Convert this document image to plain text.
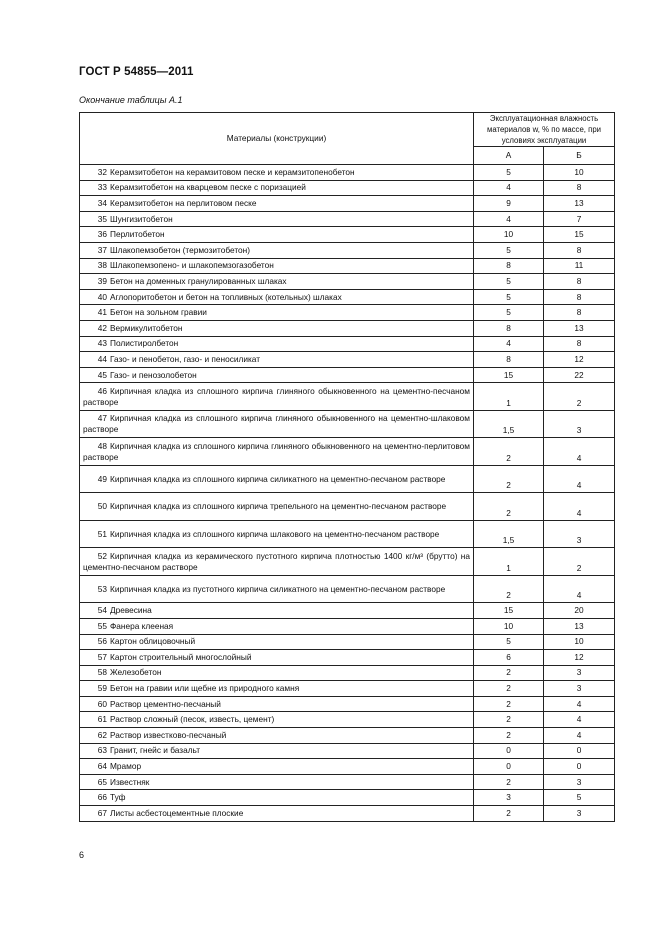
ГОСТ Р 54855—2011
Окончание таблицы А.1
Материалы (конструкции)	Эксплуатационная влажность материалов w, % по массе, при условиях эксплуатации	
	А	Б
32 Керамзитобетон на керамзитовом песке и керамзитопенобетон	5	10
33 Керамзитобетон на кварцевом песке с поризацией	4	8
34 Керамзитобетон на перлитовом песке	9	13
35 Шунгизитобетон	4	7
36 Перлитобетон	10	15
37 Шлакопемзобетон (термозитобетон)	5	8
38 Шлакопемзопено- и шлакопемзогазобетон	8	11
39 Бетон на доменных гранулированных шлаках	5	8
40 Аглопоритобетон и бетон на топливных (котельных) шлаках	5	8
41 Бетон на зольном гравии	5	8
42 Вермикулитобетон	8	13
43 Полистиролбетон	4	8
44 Газо- и пенобетон, газо- и пеносиликат	8	12
45 Газо- и пенозолобетон	15	22
46 Кирпичная кладка из сплошного кирпича глиняного обыкновенного на цементно-песчаном растворе	1	2
47 Кирпичная кладка из сплошного кирпича глиняного обыкновенного на цементно-шлаковом растворе	1,5	3
48 Кирпичная кладка из сплошного кирпича глиняного обыкновенного на цементно-перлитовом растворе	2	4
49 Кирпичная кладка из сплошного кирпича силикатного на цементно-песчаном растворе	2	4
50 Кирпичная кладка из сплошного кирпича трепельного на цементно-песчаном растворе	2	4
51 Кирпичная кладка из сплошного кирпича шлакового на цементно-песчаном растворе	1,5	3
52 Кирпичная кладка из керамического пустотного кирпича плотностью 1400 кг/м³ (брутто) на цементно-песчаном растворе	1	2
53 Кирпичная кладка из пустотного кирпича силикатного на цементно-песчаном растворе	2	4
54 Древесина	15	20
55 Фанера клееная	10	13
56 Картон облицовочный	5	10
57 Картон строительный многослойный	6	12
58 Железобетон	2	3
59 Бетон на гравии или щебне из природного камня	2	3
60 Раствор цементно-песчаный	2	4
61 Раствор сложный (песок, известь, цемент)	2	4
62 Раствор известково-песчаный	2	4
63 Гранит, гнейс и базальт	0	0
64 Мрамор	0	0
65 Известняк	2	3
66 Туф	3	5
67 Листы асбестоцементные плоские	2	3
6
